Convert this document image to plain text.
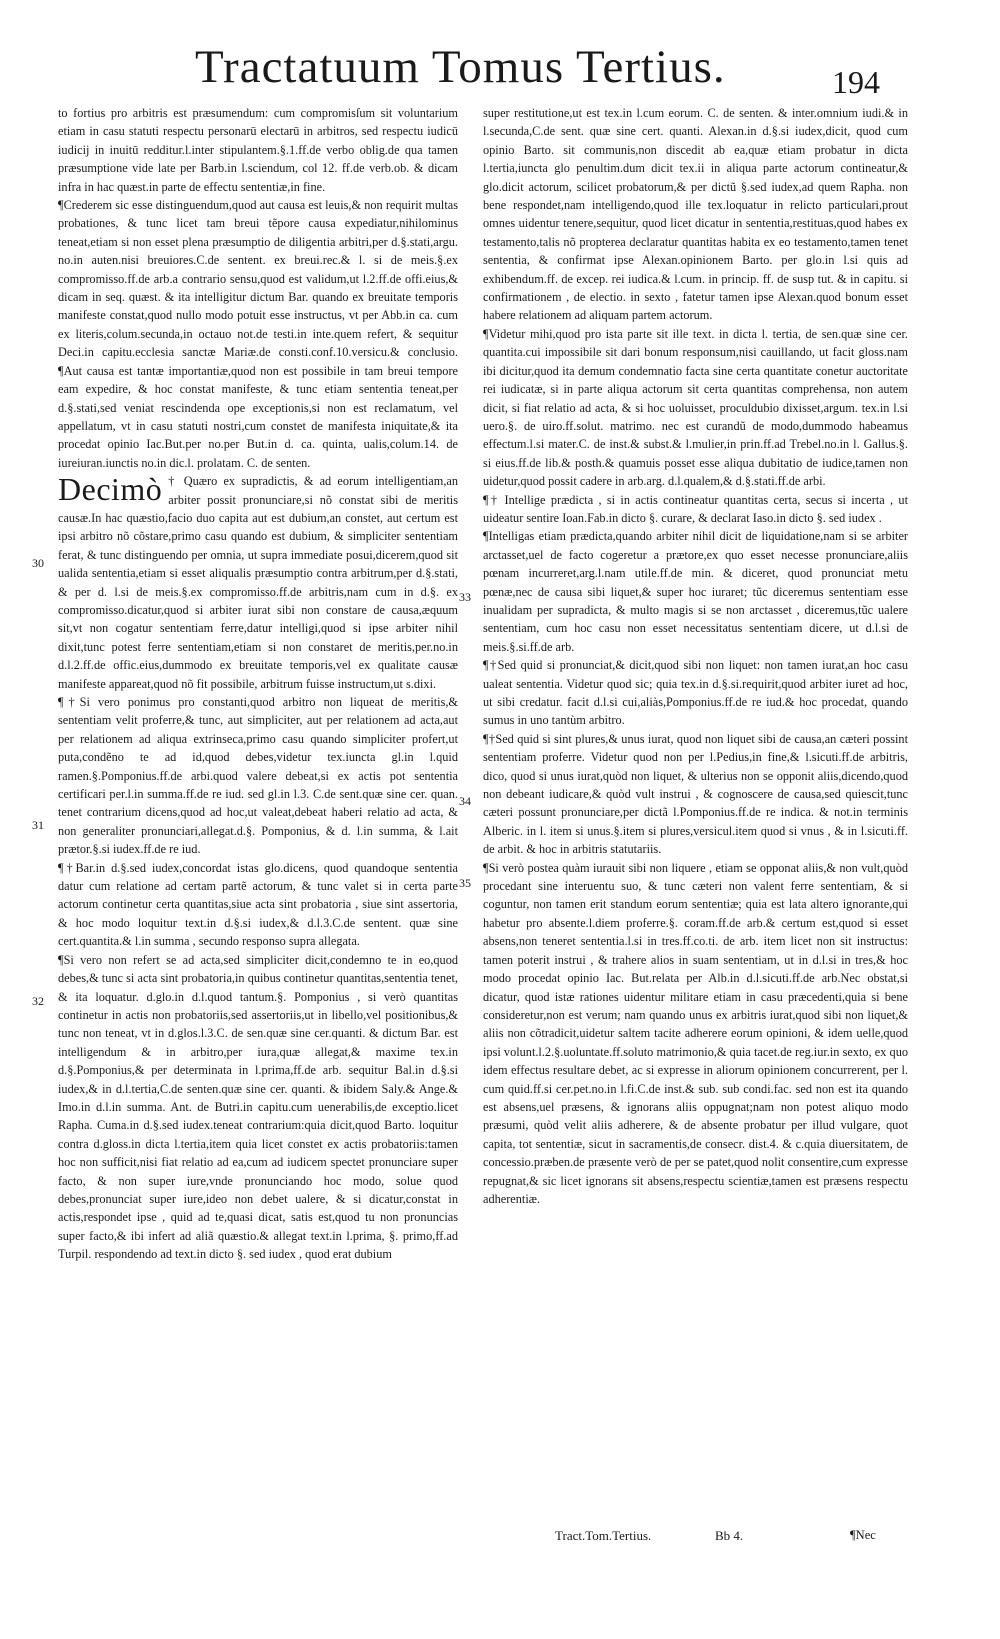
Tractatuum Tomus Tertius.	194
30
31
32
33
34
35

to fortius pro arbitris est præsumendum: cum compromisſum sit voluntarium etiam in casu statuti respectu personarū electarū in arbitros, sed respectu iudicū iudicij in inuitū redditur.l.inter stipulantem.§.1.ff.de verbo oblig.de qua tamen præsumptione vide late per Barb.in l.sciendum, col 12. ff.de verb.ob. & dicam infra in hac quæst.in parte de effectu sententiæ,in fine.

¶Crederem sic esse distinguendum,quod aut causa est leuis,& non requirit multas probationes, & tunc licet tam breui tẽpore causa expediatur,nihilominus teneat,etiam si non esset plena præsumptio de diligentia arbitri,per d.§.stati,argu. no.in auten.nisi breuiores.C.de sentent. ex breui.rec.& l. si de meis.§.ex compromisso.ff.de arb.a contrario sensu,quod est validum,ut l.2.ff.de offi.eius,& dicam in seq. quæst. & ita intelligitur dictum Bar. quando ex breuitate temporis manifeste constat,quod nullo modo potuit esse instructus, vt per Abb.in ca. cum ex literis,colum.secunda,in octauo not.de testi.in inte.quem refert, & sequitur Deci.in capitu.ecclesia sanctæ Mariæ.de consti.conf.10.versicu.& conclusio. ¶Aut causa est tantæ importantiæ,quod non est possibile in tam breui tempore eam expedire, & hoc constat manifeste, & tunc etiam sententia teneat,per d.§.stati,sed veniat rescindenda ope exceptionis,si non est reclamatum, vel appellatum, vt in casu statuti nostri,cum constet de manifesta iniquitate,& ita procedat opinio Iac.But.per no.per But.in d. ca. quinta, ualis,colum.14. de iureiuran.iunctis no.in dic.l. prolatam. C. de senten.

Decimò † Quæro ex supradictis, & ad eorum intelligentiam,an arbiter possit pronunciare,si nõ constat sibi de meritis causæ.In hac quæstio,facio duo capita aut est dubium,an constet, aut certum est ipsi arbitro nõ cõstare,primo casu quando est dubium, & simpliciter sententiam ferat, & tunc distinguendo per omnia, ut supra immediate posui,dicerem,quod sit ualida sententia,etiam si esset aliqualis præsumptio contra arbitrum,per d.§.stati, & per d. l.si de meis.§.ex compromisso.ff.de arbitris,nam cum in d.§. ex compromisso.dicatur,quod si arbiter iurat sibi non constare de causa,æquum sit,vt non cogatur sententiam ferre,datur intelligi,quod si ipse arbiter nihil dixit,tunc potest ferre sententiam,etiam si non constaret de meritis,per.no.in d.l.2.ff.de offic.eius,dummodo ex breuitate temporis,vel ex qualitate causæ manifeste appareat,quod nõ fit possibile, arbitrum fuisse instructum,ut s.dixi.

¶†Si vero ponimus pro constanti,quod arbitro non liqueat de meritis,& sententiam velit proferre,& tunc, aut simpliciter, aut per relationem ad acta,aut per relationem ad aliqua extrinseca,primo casu quando simpliciter profert,ut puta,condẽno te ad id,quod debes,videtur tex.iuncta gl.in l.quid ramen.§.Pomponius.ff.de arbi.quod valere debeat,si ex actis pot sententia certificari per.l.in summa.ff.de re iud. sed gl.in l.3. C.de sent.quæ sine cer. quan. tenet contrarium dicens,quod ad hoc,ut valeat,debeat haberi relatio ad acta, & non generaliter pronunciari,allegat.d.§. Pomponius, & d. l.in summa, & l.ait prætor.§.si iudex.ff.de re iud.

¶†Bar.in d.§.sed iudex,concordat istas glo.dicens, quod quandoque sententia datur cum relatione ad certam partẽ actorum, & tunc valet si in certa parte actorum continetur certa quantitas,siue acta sint probatoria , siue sint assertoria, & hoc modo loquitur text.in d.§.si iudex,& d.l.3.C.de sentent. quæ sine cert.quantita.& l.in summa , secundo responso supra allegata.

¶Si vero non refert se ad acta,sed simpliciter dicit,condemno te in eo,quod debes,& tunc si acta sint probatoria,in quibus continetur quantitas,sententia tenet, & ita loquatur. d.glo.in d.l.quod tantum.§. Pomponius , si verò quantitas continetur in actis non probatoriis,sed assertoriis,ut in libello,vel positionibus,& tunc non teneat, vt in d.glos.l.3.C. de sen.quæ sine cer.quanti. & dictum Bar. est intelligendum & in arbitro,per iura,quæ allegat,& maxime tex.in d.§.Pomponius,& per determinata in l.prima,ff.de arb. sequitur Bal.in d.§.si iudex,& in d.l.tertia,C.de senten.quæ sine cer. quanti. & ibidem Saly.& Ange.& Imo.in d.l.in summa. Ant. de Butri.in capitu.cum uenerabilis,de exceptio.licet Rapha. Cuma.in d.§.sed iudex.teneat contrarium:quia dicit,quod Barto. loquitur contra d.gloss.in dicta l.tertia,item quia licet constet ex actis probatoriis:tamen hoc non sufficit,nisi fiat relatio ad ea,cum ad iudicem spectet pronunciare super facto, & non super iure,vnde pronunciando hoc modo, solue quod debes,pronunciat super iure,ideo non debet ualere, & si dicatur,constat in actis,respondet ipse , quid ad te,quasi dicat, satis est,quod tu non pronuncias super facto,& ibi infert ad aliã quæstio.& allegat text.in l.prima, §. primo,ff.ad Turpil. respondendo ad text.in dicto §. sed iudex , quod erat dubium

super restitutione,ut est tex.in l.cum eorum. C. de senten. & inter.omnium iudi.& in l.secunda,C.de sent. quæ sine cert. quanti. Alexan.in d.§.si iudex,dicit, quod cum opinio Barto. sit communis,non discedit ab ea,quæ etiam probatur in dicta l.tertia,iuncta glo penultim.dum dicit tex.ii in aliqua parte actorum contineatur,& glo.dicit actorum, scilicet probatorum,& per dictũ §.sed iudex,ad quem Rapha. non bene respondet,nam intelligendo,quod ille tex.loquatur in relicto particulari,prout omnes uidentur tenere,sequitur, quod licet dicatur in sententia,restituas,quod habes ex testamento,talis nõ propterea declaratur quantitas habita ex eo testamento,tamen tenet sententia, & confirmat ipse Alexan.opinionem Barto. per glo.in l.si quis ad exhibendum.ff. de excep. rei iudica.& l.cum. in princip. ff. de susp tut. & in capitu. si confirmationem , de electio. in sexto , fatetur tamen ipse Alexan.quod bonum esset habere relationem ad aliquam partem actorum.

¶Videtur mihi,quod pro ista parte sit ille text. in dicta l. tertia, de sen.quæ sine cer. quantita.cui impossibile sit dari bonum responsum,nisi cauillando, ut facit gloss.nam ibi dicitur,quod ita demum condemnatio facta sine certa quantitate conetur auctoritate rei iudicatæ, si in parte aliqua actorum sit certa quantitas comprehensa, non autem dicit, si fiat relatio ad acta, & si hoc uoluisset, proculdubio dixisset,argum. tex.in l.si uero.§. de uiro.ff.solut. matrimo. nec est curandũ de modo,dummodo habeamus effectum.l.si mater.C. de inst.& subst.& l.mulier,in prin.ff.ad Trebel.no.in l. Gallus.§. si eius.ff.de lib.& posth.& quamuis posset esse aliqua dubitatio de iudice,tamen non uidetur,quod possit cadere in arb.arg. d.l.qualem,& d.§.stati.ff.de arbi.

¶† Intellige prædicta , si in actis contineatur quantitas certa, secus si incerta , ut uideatur sentire Ioan.Fab.in dicto §. curare, & declarat Iaso.in dicto §. sed iudex .

¶Intelligas etiam prædicta,quando arbiter nihil dicit de liquidatione,nam si se arbiter arctasset,uel de facto cogeretur a prætore,ex quo esset necesse pronunciare,aliis pœnam incurreret,arg.l.nam utile.ff.de min. & diceret, quod pronunciat metu pœnæ,nec de causa sibi liquet,& super hoc iuraret; tũc diceremus sententiam esse inualidam per supradicta, & multo magis si se non arctasset , diceremus,tũc ualere sententiam, cum hoc casu non esset necessitatus sententiam dicere, ut d.l.si de meis.§.si.ff.de arb.

¶†Sed quid si pronunciat,& dicit,quod sibi non liquet: non tamen iurat,an hoc casu ualeat sententia. Videtur quod sic; quia tex.in d.§.si.requirit,quod arbiter iuret ad hoc, ut sibi credatur. facit d.l.si cui,aliàs,Pomponius.ff.de re iud.& hoc procedat, quando sumus in uno tantùm arbitro.

¶†Sed quid si sint plures,& unus iurat, quod non liquet sibi de causa,an cæteri possint sententiam proferre. Videtur quod non per l.Pedius,in fine,& l.sicuti.ff.de arbitris, dico, quod si unus iurat,quòd non liquet, & ulterius non se opponit aliis,dicendo,quod non debeant iudicare,& quòd vult instrui , & cognoscere de causa,sed quiescit,tunc cæteri possunt pronunciare,per dictã l.Pomponius.ff.de re indica. & not.in terminis Alberic. in l. item si unus.§.item si plures,versicul.item quod si vnus , & in l.sicuti.ff. de arbit. & hoc in arbitris statutariis.

¶Si verò postea quàm iurauit sibi non liquere , etiam se opponat aliis,& non vult,quòd procedant sine interuentu suo, & tunc cæteri non valent ferre sententiam, & si coguntur, non tamen erit standum eorum sententiæ; quia est lata altero ignorante,qui habetur pro absente.l.diem proferre.§. coram.ff.de arb.& certum est,quod si esset absens,non teneret sententia.l.si in tres.ff.co.ti. de arb. item licet non sit instructus: tamen poterit instrui , & trahere alios in suam sententiam, ut in d.l.si in tres,& hoc modo procedat opinio Iac. But.relata per Alb.in d.l.sicuti.ff.de arb.Nec obstat,si dicatur, quod istæ rationes uidentur militare etiam in casu præcedenti,quia si bene consideretur,non est verum; nam quando unus ex arbitris iurat,quod sibi non liquet,& aliis non cõtradicit,uidetur saltem tacite adherere eorum opinioni, & idem uelle,quod ipsi volunt.l.2.§.uoluntate.ff.soluto matrimonio,& quia tacet.de reg.iur.in sexto, ex quo idem effectus resultare debet, ac si expresse in aliorum opinionem concurrerent, per l. cum quid.ff.si cer.pet.no.in l.fi.C.de inst.& sub. sub condi.fac. sed non est ita quando est absens,uel præsens, & ignorans aliis oppugnat;nam non potest aliquo modo præsumi, quòd velit aliis adherere, & de absente probatur per illud vulgare, quot capita, tot sententiæ, sicut in sacramentis,de consecr. dist.4. & c.quia diuersitatem, de concessio.præben.de præsente verò de per se patet,quod nolit consentire,cum expresse repugnat,& sic licet ignorans sit absens,respectu scientiæ,tamen est præsens respectu adherentiæ.

Tract.Tom.Tertius.	Bb 4.	¶Nec
